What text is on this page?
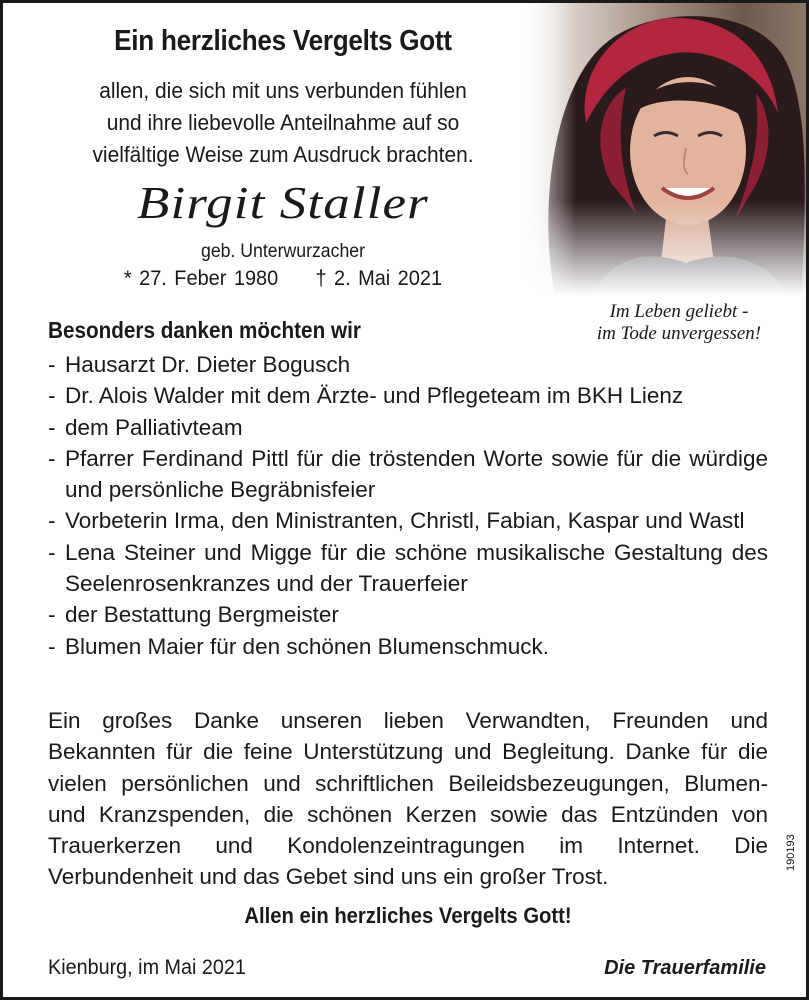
Ein herzliches Vergelts Gott
allen, die sich mit uns verbunden fühlen
und ihre liebevolle Anteilnahme auf so
vielfältige Weise zum Ausdruck brachten.
Birgit Staller
geb. Unterwurzacher
* 27. Feber 1980 † 2. Mai 2021
Im Leben geliebt -
im Tode unvergessen!
Besonders danken möchten wir
- Hausarzt Dr. Dieter Bogusch
- Dr. Alois Walder mit dem Ärzte- und Pflegeteam im BKH Lienz
- dem Palliativteam
- Pfarrer Ferdinand Pittl für die tröstenden Worte sowie für die würdige und persönliche Begräbnisfeier
- Vorbeterin Irma, den Ministranten, Christl, Fabian, Kaspar und Wastl
- Lena Steiner und Migge für die schöne musikalische Gestaltung des Seelenrosenkranzes und der Trauerfeier
- der Bestattung Bergmeister
- Blumen Maier für den schönen Blumenschmuck.

Ein großes Danke unseren lieben Verwandten, Freunden und Bekannten für die feine Unterstützung und Begleitung. Danke für die vielen persönlichen und schriftlichen Beileidsbezeugungen, Blumen- und Kranzspenden, die schönen Kerzen sowie das Entzünden von Trauerkerzen und Kondolenzeintragungen im Internet. Die Verbundenheit und das Gebet sind uns ein großer Trost.

Allen ein herzliches Vergelts Gott!
Kienburg, im Mai 2021	Die Trauerfamilie
190193
